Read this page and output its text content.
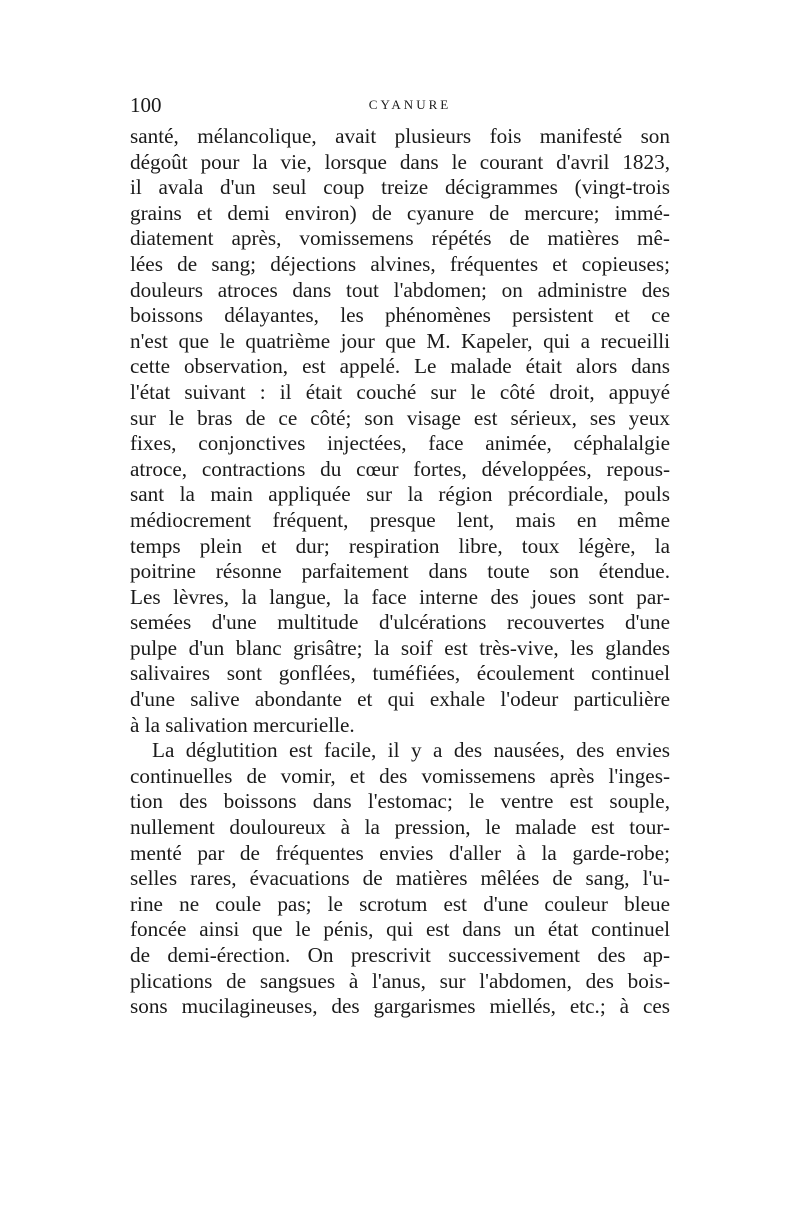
100	CYANURE
santé, mélancolique, avait plusieurs fois manifesté son
dégoût pour la vie, lorsque dans le courant d'avril 1823,
il avala d'un seul coup treize décigrammes (vingt-trois
grains et demi environ) de cyanure de mercure; immé-
diatement après, vomissemens répétés de matières mê-
lées de sang; déjections alvines, fréquentes et copieuses;
douleurs atroces dans tout l'abdomen; on administre des
boissons délayantes, les phénomènes persistent et ce
n'est que le quatrième jour que M. Kapeler, qui a recueilli
cette observation, est appelé. Le malade était alors dans
l'état suivant : il était couché sur le côté droit, appuyé
sur le bras de ce côté; son visage est sérieux, ses yeux
fixes, conjonctives injectées, face animée, céphalalgie
atroce, contractions du cœur fortes, développées, repous-
sant la main appliquée sur la région précordiale, pouls
médiocrement fréquent, presque lent, mais en même
temps plein et dur; respiration libre, toux légère, la
poitrine résonne parfaitement dans toute son étendue.
Les lèvres, la langue, la face interne des joues sont par-
semées d'une multitude d'ulcérations recouvertes d'une
pulpe d'un blanc grisâtre; la soif est très-vive, les glandes
salivaires sont gonflées, tuméfiées, écoulement continuel
d'une salive abondante et qui exhale l'odeur particulière
à la salivation mercurielle.
La déglutition est facile, il y a des nausées, des envies
continuelles de vomir, et des vomissemens après l'inges-
tion des boissons dans l'estomac; le ventre est souple,
nullement douloureux à la pression, le malade est tour-
menté par de fréquentes envies d'aller à la garde-robe;
selles rares, évacuations de matières mêlées de sang, l'u-
rine ne coule pas; le scrotum est d'une couleur bleue
foncée ainsi que le pénis, qui est dans un état continuel
de demi-érection. On prescrivit successivement des ap-
plications de sangsues à l'anus, sur l'abdomen, des bois-
sons mucilagineuses, des gargarismes miellés, etc.; à ces
